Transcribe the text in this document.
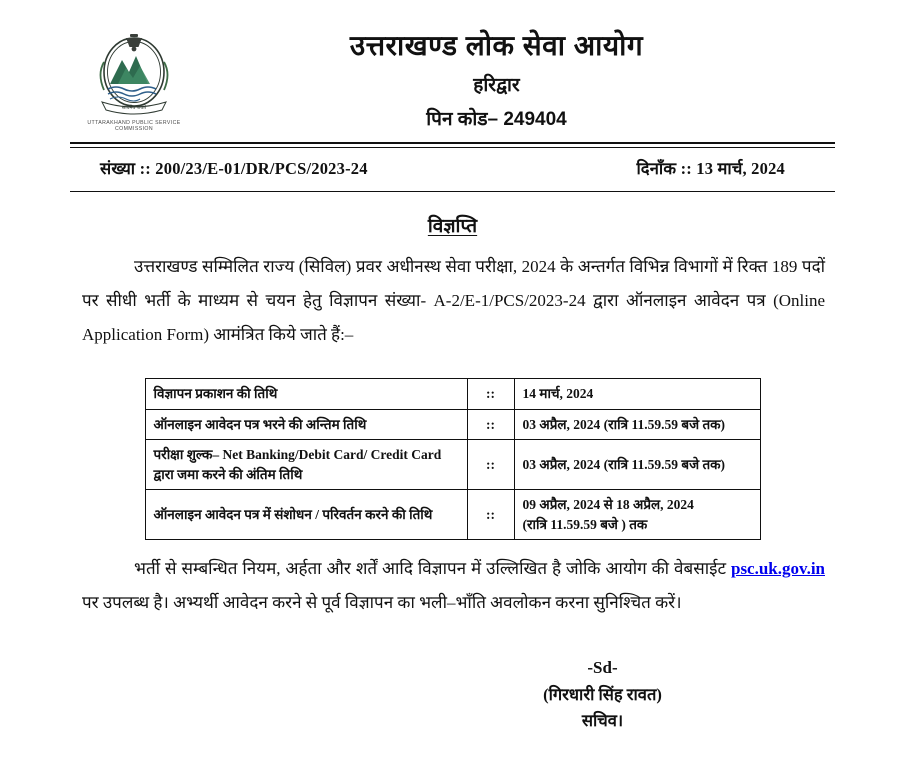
सत्यमेव जयते
UTTARAKHAND PUBLIC SERVICE COMMISSION
उत्तराखण्ड लोक सेवा आयोग
हरिद्वार
पिन कोड– 249404
संख्या :: 200/23/E-01/DR/PCS/2023-24	दिनाँक :: 13 मार्च, 2024
विज्ञप्ति
उत्तराखण्ड सम्मिलित राज्य (सिविल) प्रवर अधीनस्थ सेवा परीक्षा, 2024 के अन्तर्गत विभिन्न विभागों में रिक्त 189 पदों पर सीधी भर्ती के माध्यम से चयन हेतु विज्ञापन संख्या- A-2/E-1/PCS/2023-24 द्वारा ऑनलाइन आवेदन पत्र (Online Application Form) आमंत्रित किये जाते हैं:–
विज्ञापन प्रकाशन की तिथि	::	14 मार्च, 2024
ऑनलाइन आवेदन पत्र भरने की अन्तिम तिथि	::	03 अप्रैल, 2024 (रात्रि 11.59.59 बजे तक)
परीक्षा शुल्क– Net Banking/Debit Card/ Credit Card द्वारा जमा करने की अंतिम तिथि	::	03 अप्रैल, 2024 (रात्रि 11.59.59 बजे तक)
ऑनलाइन आवेदन पत्र में संशोधन / परिवर्तन करने की तिथि	::	09 अप्रैल, 2024 से 18 अप्रैल, 2024
(रात्रि 11.59.59 बजे ) तक
भर्ती से सम्बन्धित नियम, अर्हता और शर्तें आदि विज्ञापन में उल्लिखित है जोकि आयोग की वेबसाईट psc.uk.gov.in पर उपलब्ध है। अभ्यर्थी आवेदन करने से पूर्व विज्ञापन का भली–भाँति अवलोकन करना सुनिश्चित करें।
-Sd-
(गिरधारी सिंह रावत)
सचिव।
